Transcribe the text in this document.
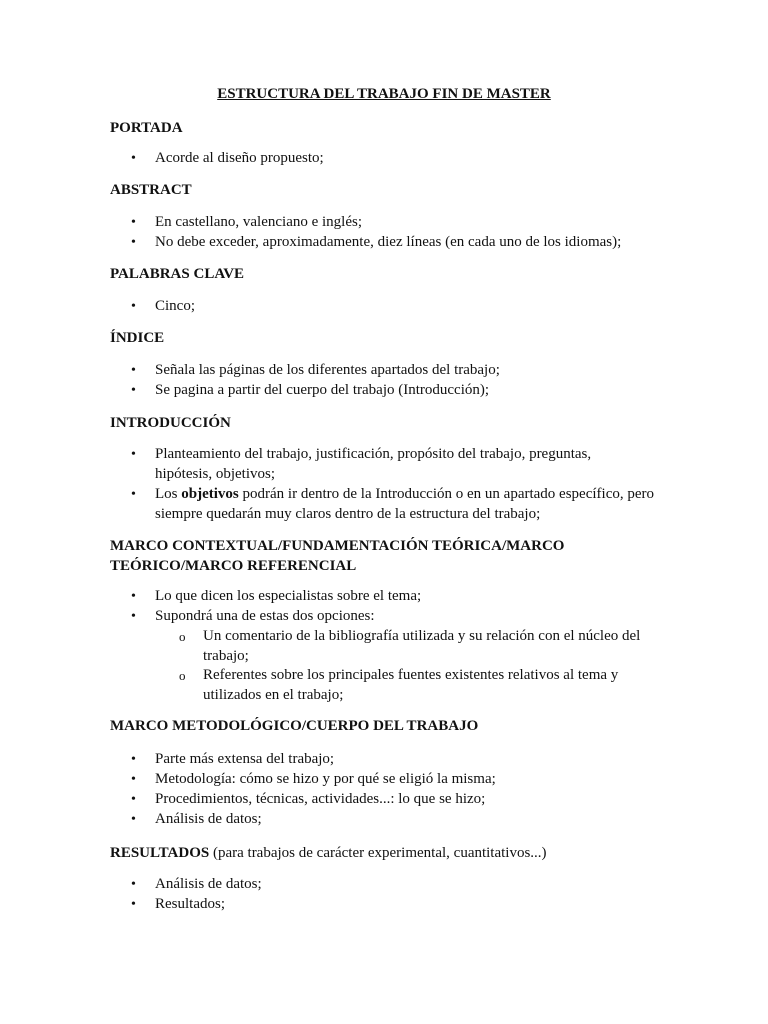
ESTRUCTURA DEL TRABAJO FIN DE MASTER
PORTADA
• Acorde al diseño propuesto;
ABSTRACT
• En castellano, valenciano e inglés;
• No debe exceder, aproximadamente, diez líneas (en cada uno de los idiomas);
PALABRAS CLAVE
• Cinco;
ÍNDICE
• Señala las páginas de los diferentes apartados del trabajo;
• Se pagina a partir del cuerpo del trabajo (Introducción);
INTRODUCCIÓN
• Planteamiento del trabajo, justificación, propósito del trabajo, preguntas, hipótesis, objetivos;
• Los objetivos podrán ir dentro de la Introducción o en un apartado específico, pero siempre quedarán muy claros dentro de la estructura del trabajo;
MARCO CONTEXTUAL/FUNDAMENTACIÓN TEÓRICA/MARCO TEÓRICO/MARCO REFERENCIAL
• Lo que dicen los especialistas sobre el tema;
• Supondrá una de estas dos opciones:
o Un comentario de la bibliografía utilizada y su relación con el núcleo del trabajo;
o Referentes sobre los principales fuentes existentes relativos al tema y utilizados en el trabajo;
MARCO METODOLÓGICO/CUERPO DEL TRABAJO
• Parte más extensa del trabajo;
• Metodología: cómo se hizo y por qué se eligió la misma;
• Procedimientos, técnicas, actividades...: lo que se hizo;
• Análisis de datos;
RESULTADOS (para trabajos de carácter experimental, cuantitativos...)
• Análisis de datos;
• Resultados;
